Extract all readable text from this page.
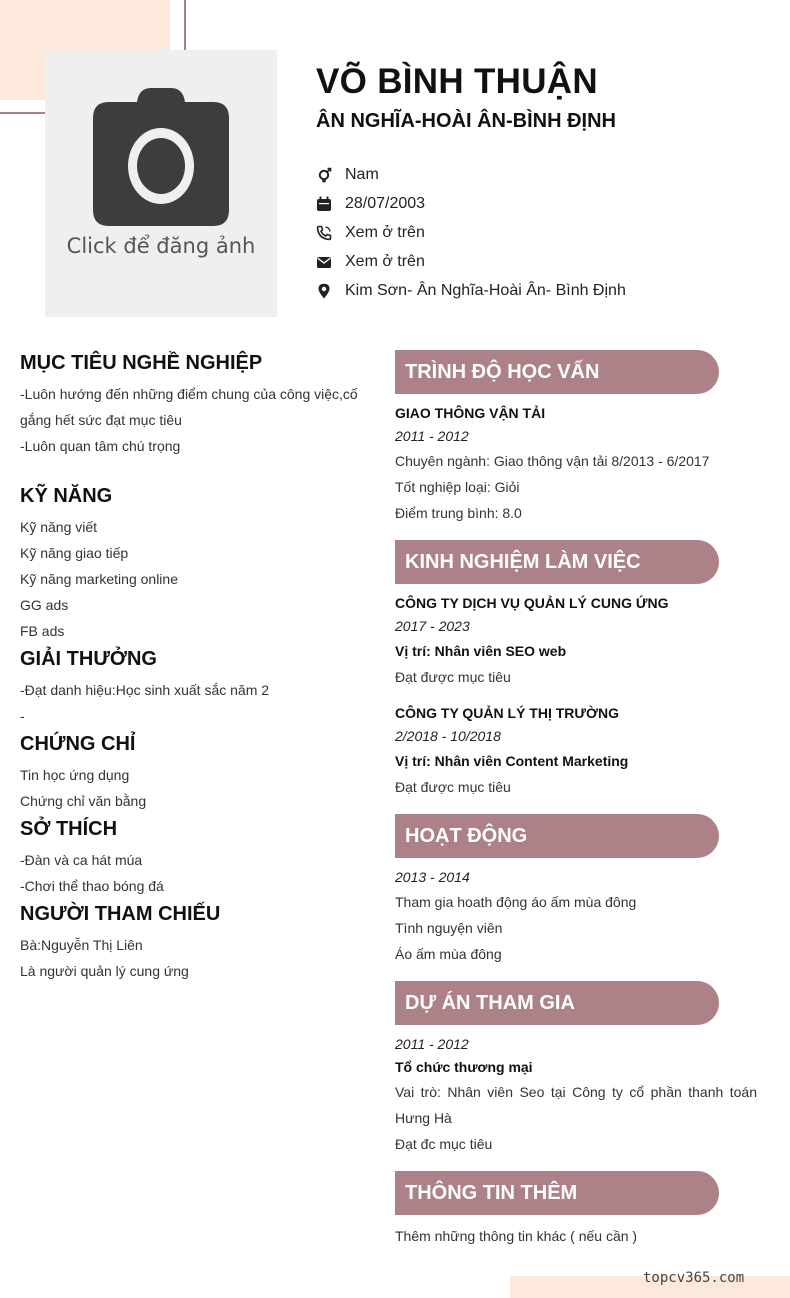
Click để đăng ảnh
VÕ BÌNH THUẬN
ÂN NGHĨA-HOÀI ÂN-BÌNH ĐỊNH
Nam
28/07/2003
Xem ở trên
Xem ở trên
Kim Sơn- Ân Nghĩa-Hoài Ân- Bình Định
MỤC TIÊU NGHỀ NGHIỆP
-Luôn hướng đến những điểm chung của công việc,cố
gắng hết sức đạt mục tiêu
-Luôn quan tâm chú trọng
KỸ NĂNG
Kỹ năng viết
Kỹ năng giao tiếp
Kỹ năng marketing online
GG ads
FB ads
GIẢI THƯỞNG
-Đạt danh hiệu:Học sinh xuất sắc năm 2
-
CHỨNG CHỈ
Tin học ứng dụng
Chứng chỉ văn bằng
SỞ THÍCH
-Đàn và ca hát múa
-Chơi thể thao bóng đá
NGƯỜI THAM CHIẾU
Bà:Nguyễn Thị Liên
Là người quản lý cung ứng
TRÌNH ĐỘ HỌC VẤN
GIAO THÔNG VẬN TẢI
2011 - 2012
Chuyên ngành: Giao thông vận tải 8/2013 - 6/2017
Tốt nghiệp loại: Giỏi
Điểm trung bình: 8.0
KINH NGHIỆM LÀM VIỆC
CÔNG TY DỊCH VỤ QUẢN LÝ CUNG ỨNG
2017 - 2023
Vị trí: Nhân viên SEO web
Đạt được mục tiêu
CÔNG TY QUẢN LÝ THỊ TRƯỜNG
2/2018 - 10/2018
Vị trí: Nhân viên Content Marketing
Đạt được mục tiêu
HOẠT ĐỘNG
2013 - 2014
Tham gia hoath động áo ấm mùa đông
Tình nguyện viên
Áo ấm mùa đông
DỰ ÁN THAM GIA
2011 - 2012
Tổ chức thương mại
Vai trò: Nhân viên Seo tại Công ty cổ phần thanh toán
Hưng Hà
Đạt đc mục tiêu
THÔNG TIN THÊM
Thêm những thông tin khác ( nếu cần )
topcv365.com
